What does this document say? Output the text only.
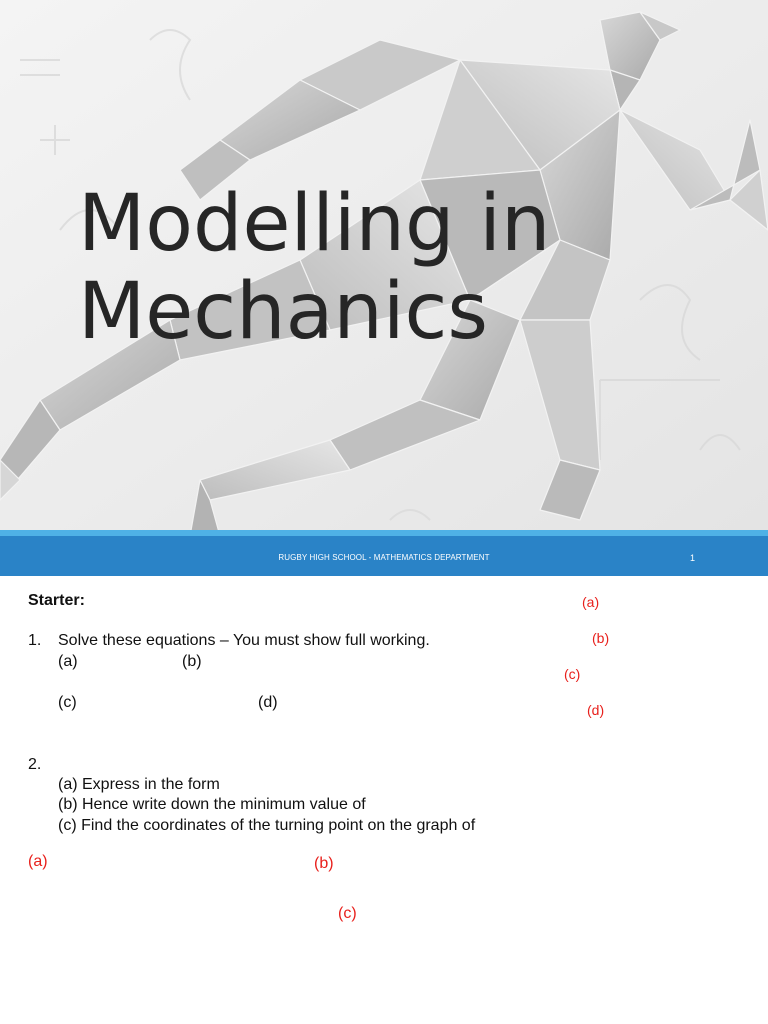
Modelling in
Mechanics
RUGBY HIGH SCHOOL - MATHEMATICS DEPARTMENT	1
Starter:
1. Solve these equations – You must show full working.
(a)	(b)
(c)	(d)
(a)
(b)
(c)
(d)
2.
(a) Express in the form
(b) Hence write down the minimum value of
(c) Find the coordinates of the turning point on the graph of
(a)	(b)
(c)
